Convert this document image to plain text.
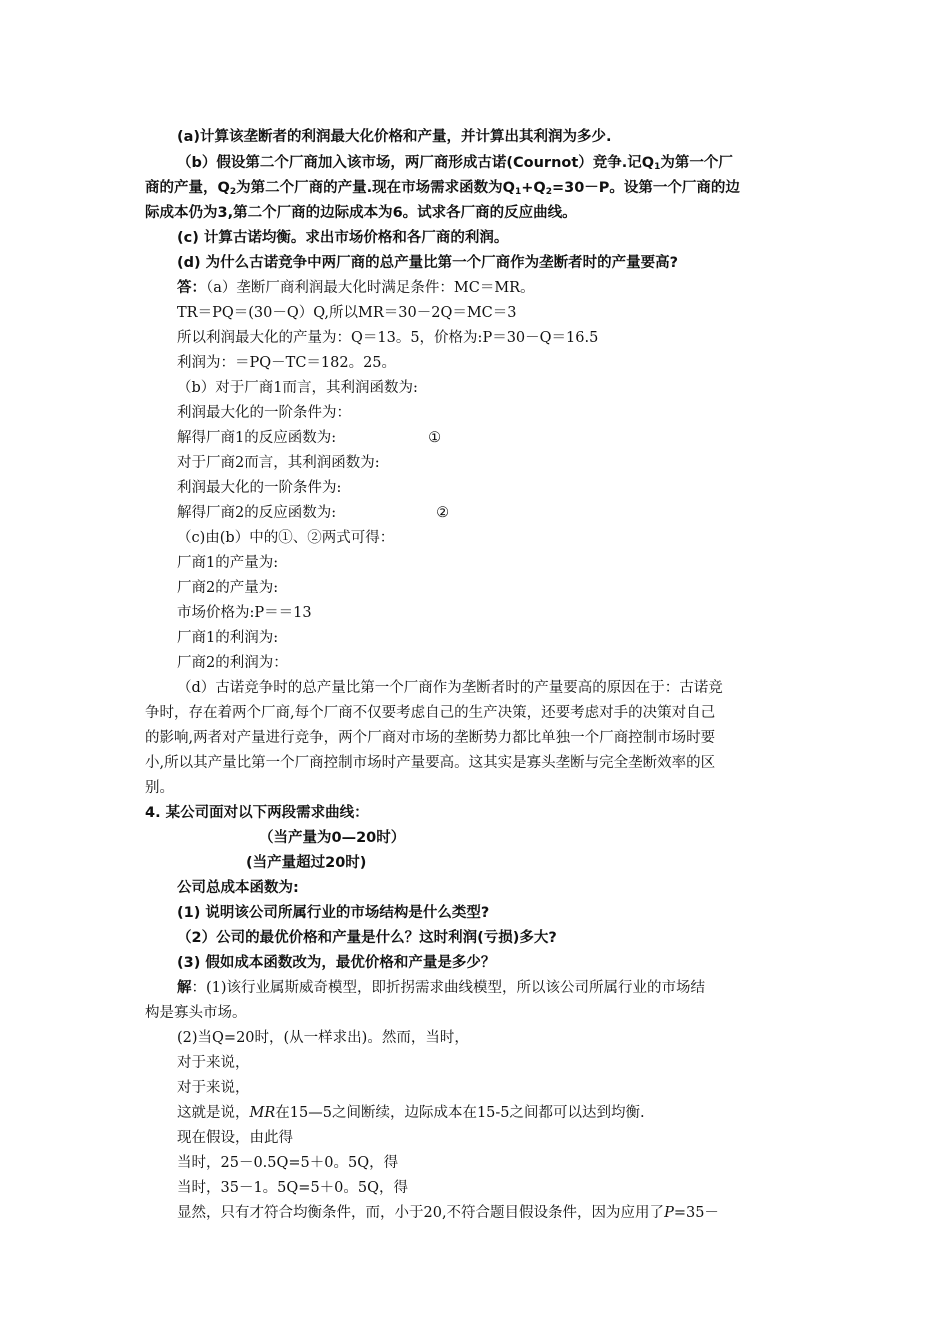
(a)计算该垄断者的利润最大化价格和产量，并计算出其利润为多少.
（b）假设第二个厂商加入该市场，两厂商形成古诺(Cournot）竞争.记$Q_1$为第一个厂
商的产量，$Q_2$为第二个厂商的产量.现在市场需求函数为$Q_1+Q_2=30-P$。设第一个厂商的边
际成本仍为3,第二个厂商的边际成本为6。试求各厂商的反应曲线。
(c) 计算古诺均衡。求出市场价格和各厂商的利润。
(d) 为什么古诺竞争中两厂商的总产量比第一个厂商作为垄断者时的产量要高?
答：（a）垄断厂商利润最大化时满足条件：MC＝MR。
TR＝PQ＝(30－Q）Q,所以MR＝30－2Q＝MC＝3
所以利润最大化的产量为：Q＝13。5，价格为:P＝30－Q＝16.5
利润为：＝PQ－TC＝182。25。
（b）对于厂商1而言，其利润函数为:
利润最大化的一阶条件为：
解得厂商1的反应函数为:	①
对于厂商2而言，其利润函数为:
利润最大化的一阶条件为:
解得厂商2的反应函数为:	②
（c)由(b）中的①、②两式可得：
厂商1的产量为:
厂商2的产量为:
市场价格为:P＝＝13
厂商1的利润为:
厂商2的利润为：
（d）古诺竞争时的总产量比第一个厂商作为垄断者时的产量要高的原因在于：古诺竞
争时，存在着两个厂商,每个厂商不仅要考虑自己的生产决策，还要考虑对手的决策对自己
的影响,两者对产量进行竞争，两个厂商对市场的垄断势力都比单独一个厂商控制市场时要
小,所以其产量比第一个厂商控制市场时产量要高。这其实是寡头垄断与完全垄断效率的区
别。
4. 某公司面对以下两段需求曲线：
（当产量为0—20时）
(当产量超过20时)
公司总成本函数为:
(1) 说明该公司所属行业的市场结构是什么类型?
（2）公司的最优价格和产量是什么？这时利润(亏损)多大?
(3) 假如成本函数改为，最优价格和产量是多少？
解：(1)该行业属斯威奇模型，即折拐需求曲线模型，所以该公司所属行业的市场结
构是寡头市场。
(2)当Q=20时，(从一样求出)。然而，当时，
对于来说，
对于来说，
这就是说，MR在15—5之间断续，边际成本在15-5之间都可以达到均衡.
现在假设，由此得
当时，25－0.5Q=5＋0。5Q，得
当时，35－1。5Q=5＋0。5Q，得
显然，只有才符合均衡条件，而，小于20,不符合题目假设条件，因为应用了P=35－
